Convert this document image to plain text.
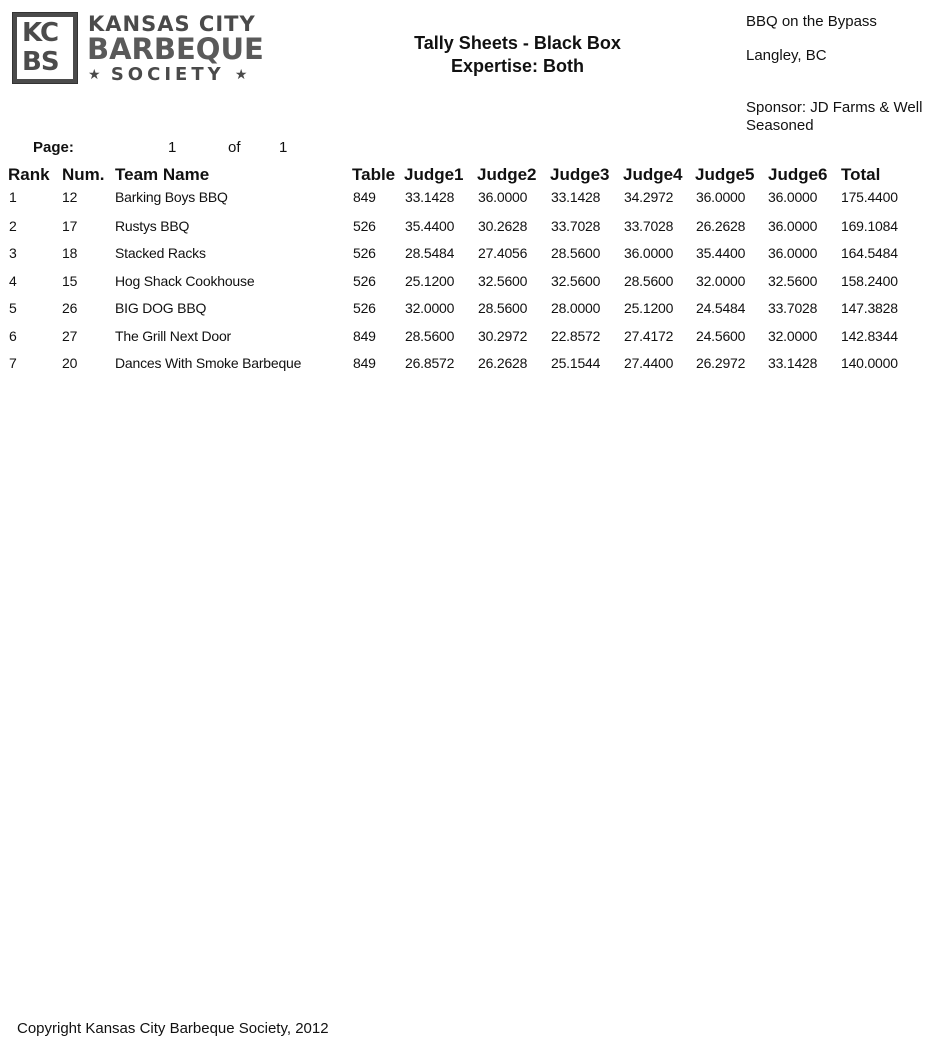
KC
BS
KANSAS CITY
BARBEQUE
★ SOCIETY ★
Tally Sheets - Black Box
Expertise: Both
BBQ on the Bypass
Langley, BC
Sponsor: JD Farms & Well Seasoned
Page:	1	of	1
Rank Num. Team Name	Table Judge1 Judge2 Judge3 Judge4 Judge5 Judge6 Total
1	12	Barking Boys BBQ	849 33.1428 36.0000 33.1428 34.2972 36.0000 36.0000 175.4400
2	17	Rustys BBQ	526 35.4400 30.2628 33.7028 33.7028 26.2628 36.0000 169.1084
3	18	Stacked Racks	526 28.5484 27.4056 28.5600 36.0000 35.4400 36.0000 164.5484
4	15	Hog Shack Cookhouse	526 25.1200 32.5600 32.5600 28.5600 32.0000 32.5600 158.2400
5	26	BIG DOG BBQ	526 32.0000 28.5600 28.0000 25.1200 24.5484 33.7028 147.3828
6	27	The Grill Next Door	849 28.5600 30.2972 22.8572 27.4172 24.5600 32.0000 142.8344
7	20	Dances With Smoke Barbeque	849 26.8572 26.2628 25.1544 27.4400 26.2972 33.1428 140.0000
Copyright Kansas City Barbeque Society, 2012
